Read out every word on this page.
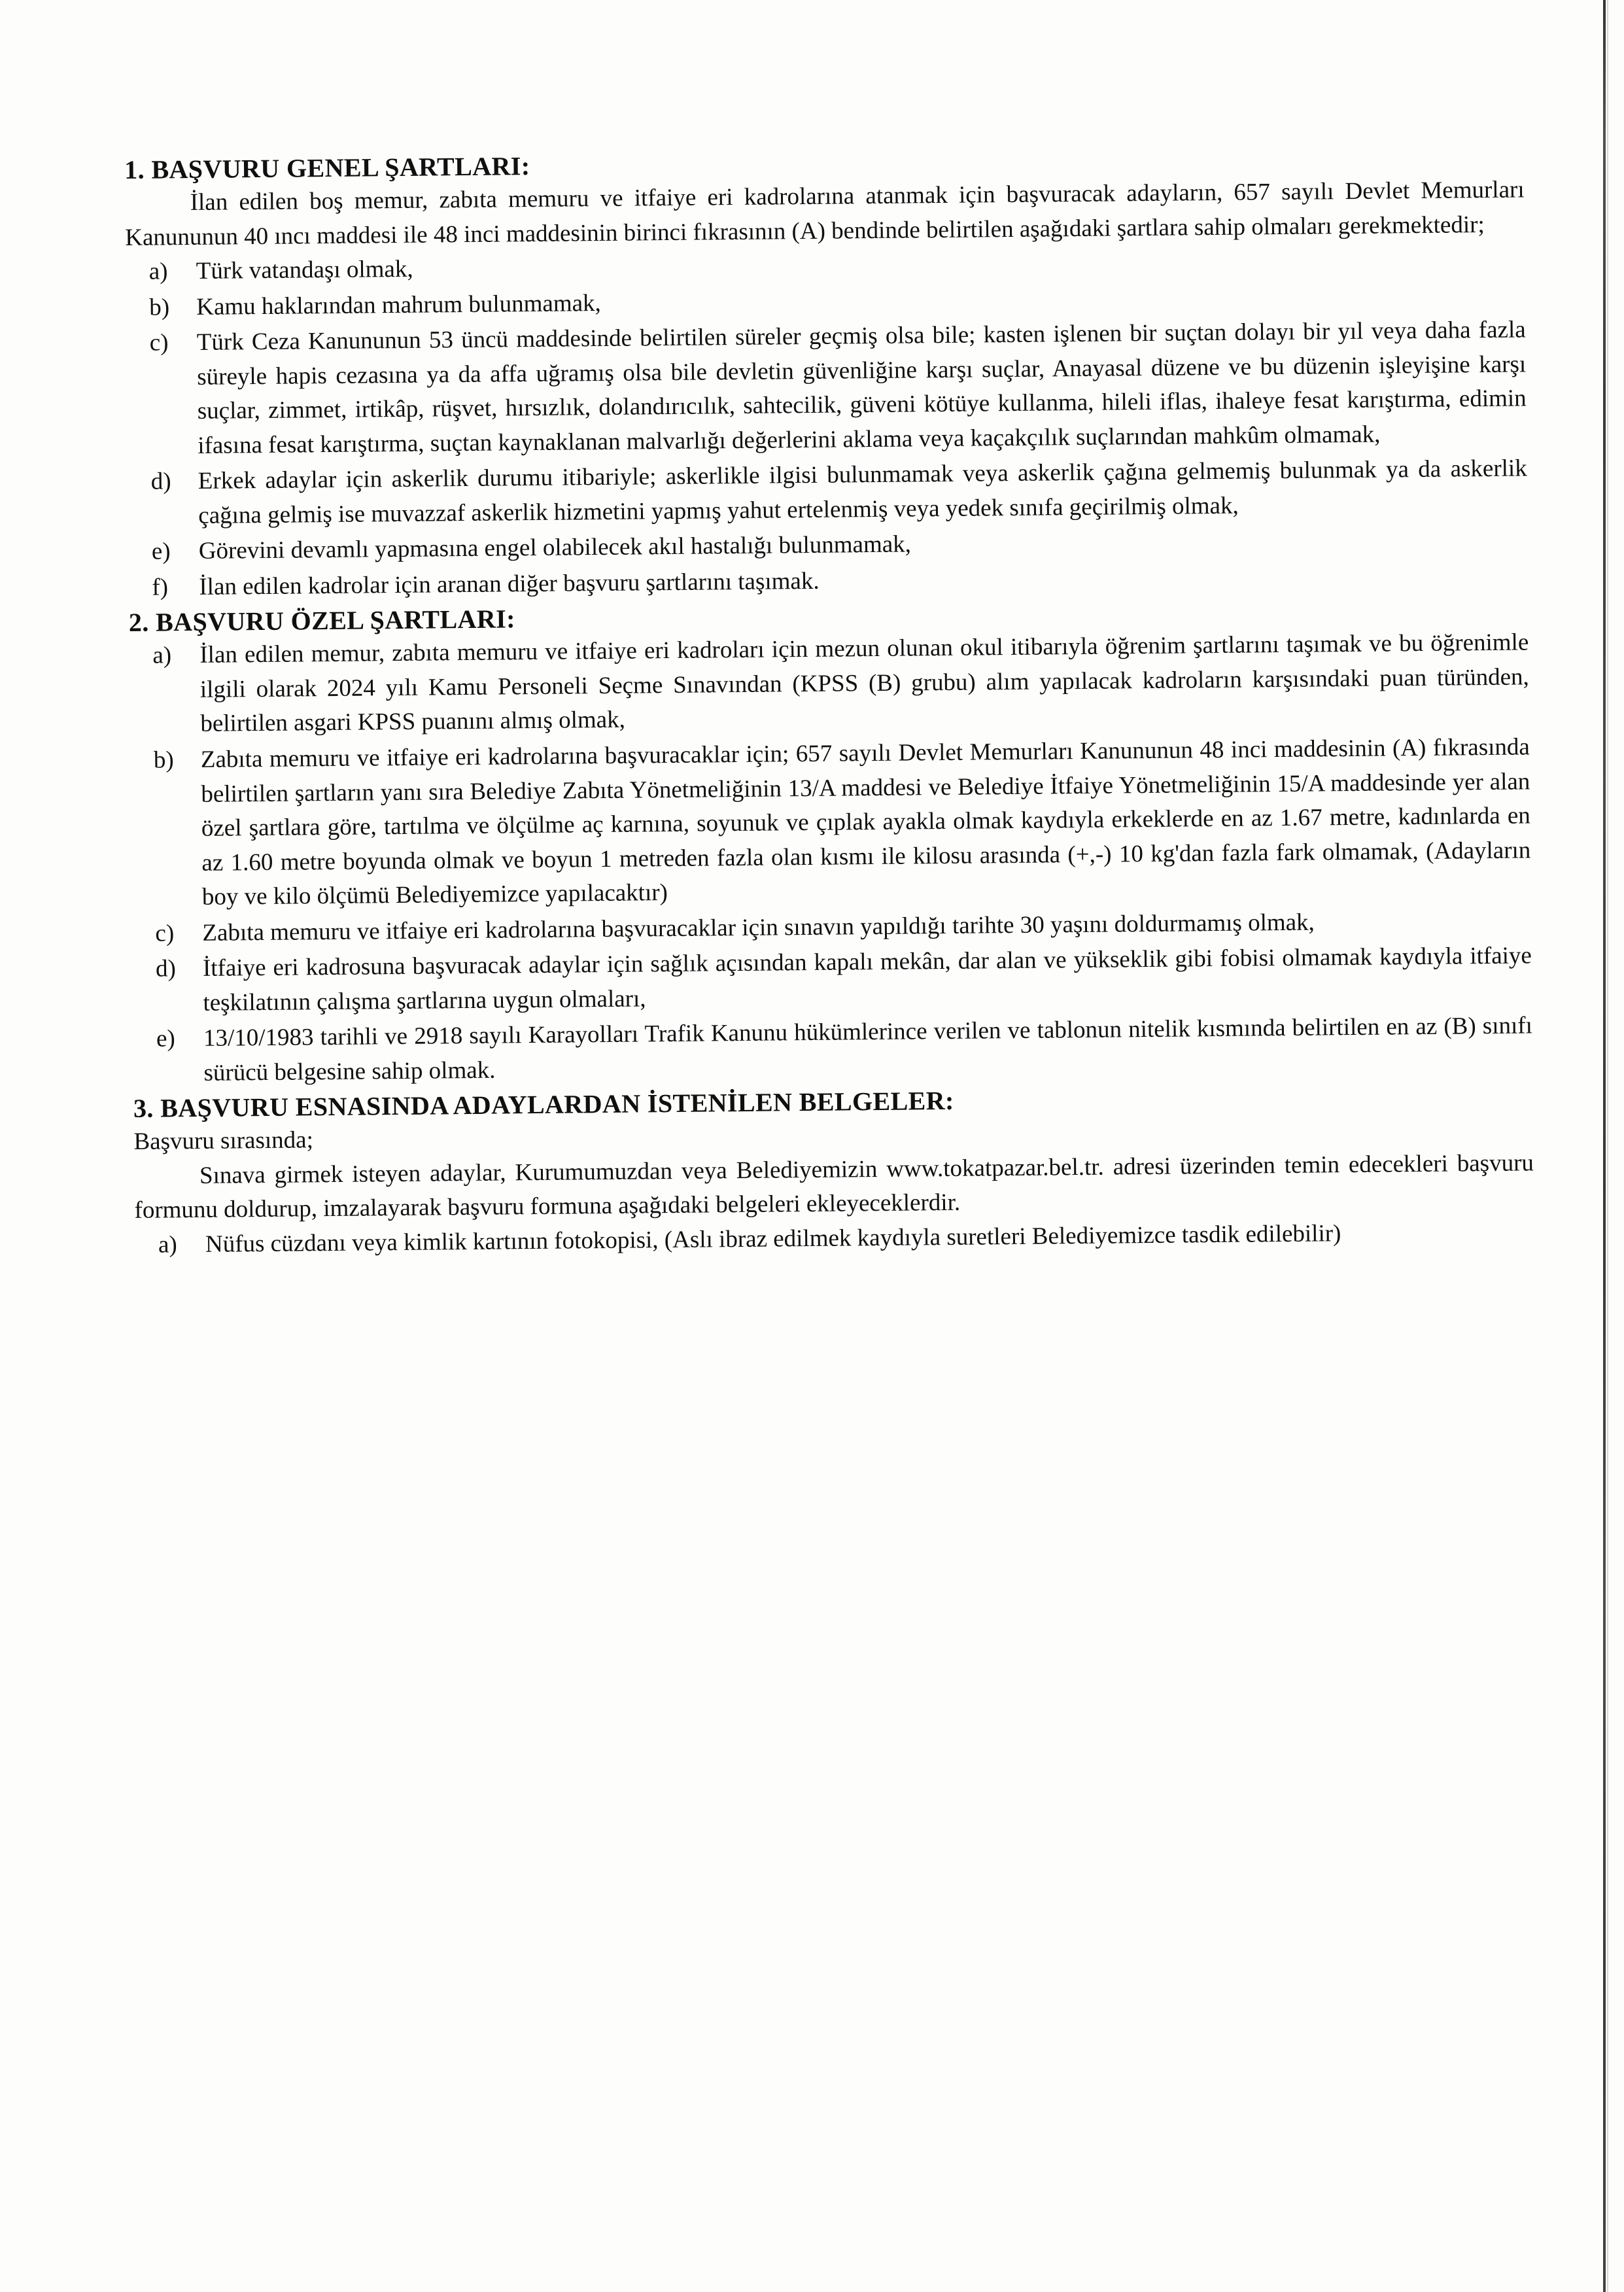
1. BAŞVURU GENEL ŞARTLARI:

İlan edilen boş memur, zabıta memuru ve itfaiye eri kadrolarına atanmak için başvuracak adayların, 657 sayılı Devlet Memurları Kanununun 40 ıncı maddesi ile 48 inci maddesinin birinci fıkrasının (A) bendinde belirtilen aşağıdaki şartlara sahip olmaları gerekmektedir;

a)	Türk vatandaşı olmak,
b)	Kamu haklarından mahrum bulunmamak,
c)	Türk Ceza Kanununun 53 üncü maddesinde belirtilen süreler geçmiş olsa bile; kasten işlenen bir suçtan dolayı bir yıl veya daha fazla süreyle hapis cezasına ya da affa uğramış olsa bile devletin güvenliğine karşı suçlar, Anayasal düzene ve bu düzenin işleyişine karşı suçlar, zimmet, irtikâp, rüşvet, hırsızlık, dolandırıcılık, sahtecilik, güveni kötüye kullanma, hileli iflas, ihaleye fesat karıştırma, edimin ifasına fesat karıştırma, suçtan kaynaklanan malvarlığı değerlerini aklama veya kaçakçılık suçlarından mahkûm olmamak,
d)	Erkek adaylar için askerlik durumu itibariyle; askerlikle ilgisi bulunmamak veya askerlik çağına gelmemiş bulunmak ya da askerlik çağına gelmiş ise muvazzaf askerlik hizmetini yapmış yahut ertelenmiş veya yedek sınıfa geçirilmiş olmak,
e)	Görevini devamlı yapmasına engel olabilecek akıl hastalığı bulunmamak,
f)	İlan edilen kadrolar için aranan diğer başvuru şartlarını taşımak.
2. BAŞVURU ÖZEL ŞARTLARI:
a)	İlan edilen memur, zabıta memuru ve itfaiye eri kadroları için mezun olunan okul itibarıyla öğrenim şartlarını taşımak ve bu öğrenimle ilgili olarak 2024 yılı Kamu Personeli Seçme Sınavından (KPSS (B) grubu) alım yapılacak kadroların karşısındaki puan türünden, belirtilen asgari KPSS puanını almış olmak,
b)	Zabıta memuru ve itfaiye eri kadrolarına başvuracaklar için; 657 sayılı Devlet Memurları Kanununun 48 inci maddesinin (A) fıkrasında belirtilen şartların yanı sıra Belediye Zabıta Yönetmeliğinin 13/A maddesi ve Belediye İtfaiye Yönetmeliğinin 15/A maddesinde yer alan özel şartlara göre, tartılma ve ölçülme aç karnına, soyunuk ve çıplak ayakla olmak kaydıyla erkeklerde en az 1.67 metre, kadınlarda en az 1.60 metre boyunda olmak ve boyun 1 metreden fazla olan kısmı ile kilosu arasında (+,-) 10 kg'dan fazla fark olmamak, (Adayların boy ve kilo ölçümü Belediyemizce yapılacaktır)
c)	Zabıta memuru ve itfaiye eri kadrolarına başvuracaklar için sınavın yapıldığı tarihte 30 yaşını doldurmamış olmak,
d)	İtfaiye eri kadrosuna başvuracak adaylar için sağlık açısından kapalı mekân, dar alan ve yükseklik gibi fobisi olmamak kaydıyla itfaiye teşkilatının çalışma şartlarına uygun olmaları,
e)	13/10/1983 tarihli ve 2918 sayılı Karayolları Trafik Kanunu hükümlerince verilen ve tablonun nitelik kısmında belirtilen en az (B) sınıfı sürücü belgesine sahip olmak.
3. BAŞVURU ESNASINDA ADAYLARDAN İSTENİLEN BELGELER:

Başvuru sırasında;

Sınava girmek isteyen adaylar, Kurumumuzdan veya Belediyemizin www.tokatpazar.bel.tr. adresi üzerinden temin edecekleri başvuru formunu doldurup, imzalayarak başvuru formuna aşağıdaki belgeleri ekleyeceklerdir.

a)	Nüfus cüzdanı veya kimlik kartının fotokopisi, (Aslı ibraz edilmek kaydıyla suretleri Belediyemizce tasdik edilebilir)
